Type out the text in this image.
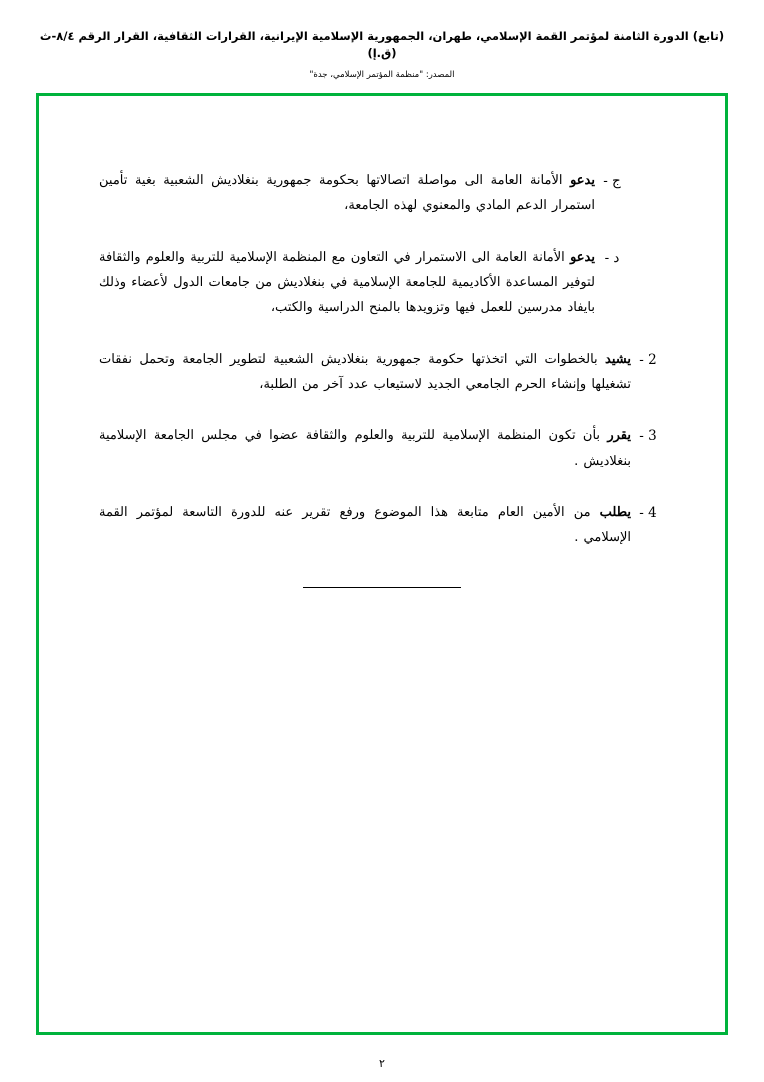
(تابع) الدورة الثامنة لمؤتمر القمة الإسلامي، طهران، الجمهورية الإسلامية الإيرانية، القرارات الثقافية، القرار الرقم ٨/٤-ث (ق.إ)
المصدر: "منظمة المؤتمر الإسلامي، جدة"
ج -
يدعو الأمانة العامة الى مواصلة اتصالاتها بحكومة جمهورية بنغلاديش الشعبية بغية تأمين استمرار الدعم المادي والمعنوي لهذه الجامعة،
د -
يدعو الأمانة العامة الى الاستمرار في التعاون مع المنظمة الإسلامية للتربية والعلوم والثقافة لتوفير المساعدة الأكاديمية للجامعة الإسلامية في بنغلاديش من جامعات الدول لأعضاء وذلك بايفاد مدرسين للعمل فيها وتزويدها بالمنح الدراسية والكتب،
2 -
يشيد بالخطوات التي اتخذتها حكومة جمهورية بنغلاديش الشعبية لتطوير الجامعة وتحمل نفقات تشغيلها وإنشاء الحرم الجامعي الجديد لاستيعاب عدد آخر من الطلبة،
3 -
يقرر بأن تكون المنظمة الإسلامية للتربية والعلوم والثقافة عضوا في مجلس الجامعة الإسلامية بنغلاديش .
4 -
يطلب من الأمين العام متابعة هذا الموضوع ورفع تقرير عنه للدورة التاسعة لمؤتمر القمة الإسلامي .
٢
